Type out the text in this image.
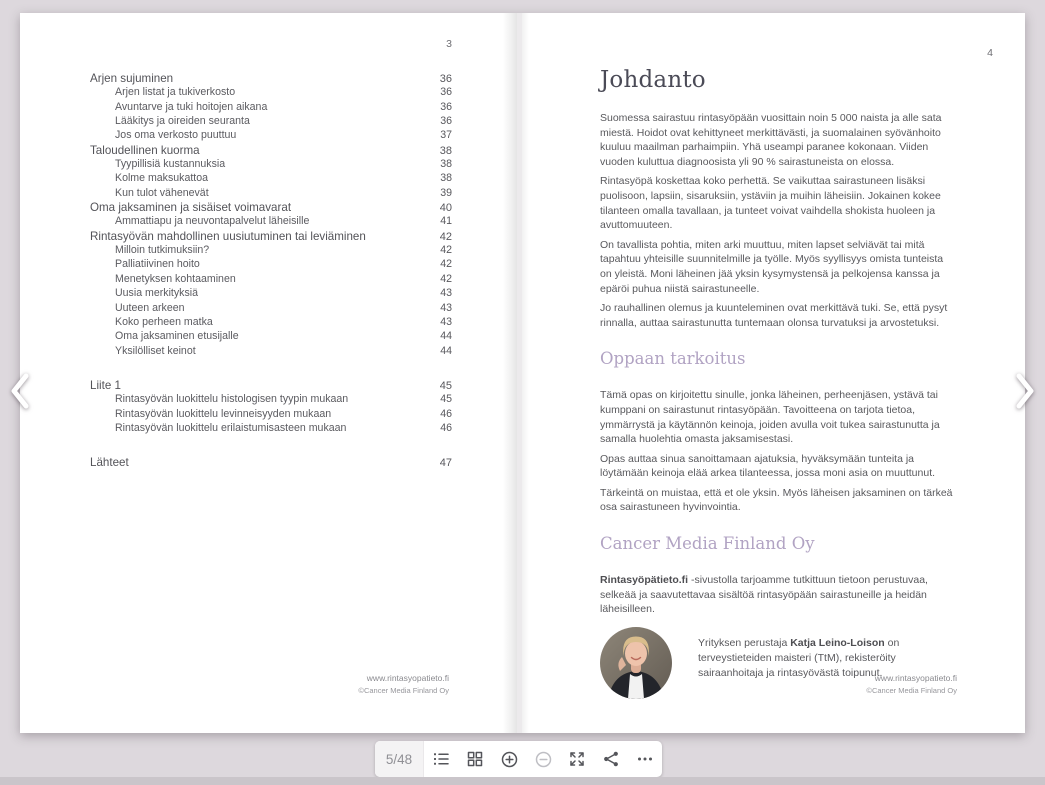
3
Arjen sujuminen	36
Arjen listat ja tukiverkosto	36
Avuntarve ja tuki hoitojen aikana	36
Lääkitys ja oireiden seuranta	36
Jos oma verkosto puuttuu	37
Taloudellinen kuorma	38
Tyypillisiä kustannuksia	38
Kolme maksukattoa	38
Kun tulot vähenevät	39
Oma jaksaminen ja sisäiset voimavarat	40
Ammattiapu ja neuvontapalvelut läheisille	41
Rintasyövän mahdollinen uusiutuminen tai leviäminen	42
Milloin tutkimuksiin?	42
Palliatiivinen hoito	42
Menetyksen kohtaaminen	42
Uusia merkityksiä	43
Uuteen arkeen	43
Koko perheen matka	43
Oma jaksaminen etusijalle	44
Yksilölliset keinot	44
Liite 1	45
Rintasyövän luokittelu histologisen tyypin mukaan	45
Rintasyövän luokittelu levinneisyyden mukaan	46
Rintasyövän luokittelu erilaistumisasteen mukaan	46
Lähteet	47
www.rintasyopatieto.fi
©Cancer Media Finland Oy
4
Johdanto

Suomessa sairastuu rintasyöpään vuosittain noin 5 000 naista ja alle sata miestä. Hoidot ovat kehittyneet merkittävästi, ja suomalainen syövänhoito kuuluu maailman parhaimpiin. Yhä useampi paranee kokonaan. Viiden vuoden kuluttua diagnoosista yli 90 % sairastuneista on elossa.

Rintasyöpä koskettaa koko perhettä. Se vaikuttaa sairastuneen lisäksi puolisoon, lapsiin, sisaruksiin, ystäviin ja muihin läheisiin. Jokainen kokee tilanteen omalla tavallaan, ja tunteet voivat vaihdella shokista huoleen ja avuttomuuteen.

On tavallista pohtia, miten arki muuttuu, miten lapset selviävät tai mitä tapahtuu yhteisille suunnitelmille ja työlle. Myös syyllisyys omista tunteista on yleistä. Moni läheinen jää yksin kysymystensä ja pelkojensa kanssa ja epäröi puhua niistä sairastuneelle.

Jo rauhallinen olemus ja kuunteleminen ovat merkittävä tuki. Se, että pysyt rinnalla, auttaa sairastunutta tuntemaan olonsa turvatuksi ja arvostetuksi.

Oppaan tarkoitus

Tämä opas on kirjoitettu sinulle, jonka läheinen, perheenjäsen, ystävä tai kumppani on sairastunut rintasyöpään. Tavoitteena on tarjota tietoa, ymmärrystä ja käytännön keinoja, joiden avulla voit tukea sairastunutta ja samalla huolehtia omasta jaksamisestasi.

Opas auttaa sinua sanoittamaan ajatuksia, hyväksymään tunteita ja löytämään keinoja elää arkea tilanteessa, jossa moni asia on muuttunut.

Tärkeintä on muistaa, että et ole yksin. Myös läheisen jaksaminen on tärkeä osa sairastuneen hyvinvointia.

Cancer Media Finland Oy

Rintasyöpätieto.fi -sivustolla tarjoamme tutkittuun tietoon perustuvaa, selkeää ja saavutettavaa sisältöä rintasyöpään sairastuneille ja heidän läheisilleen.

Yrityksen perustaja Katja Leino-Loison on terveystieteiden maisteri (TtM), rekisteröity sairaanhoitaja ja rintasyövästä toipunut.
www.rintasyopatieto.fi
©Cancer Media Finland Oy
5/48
